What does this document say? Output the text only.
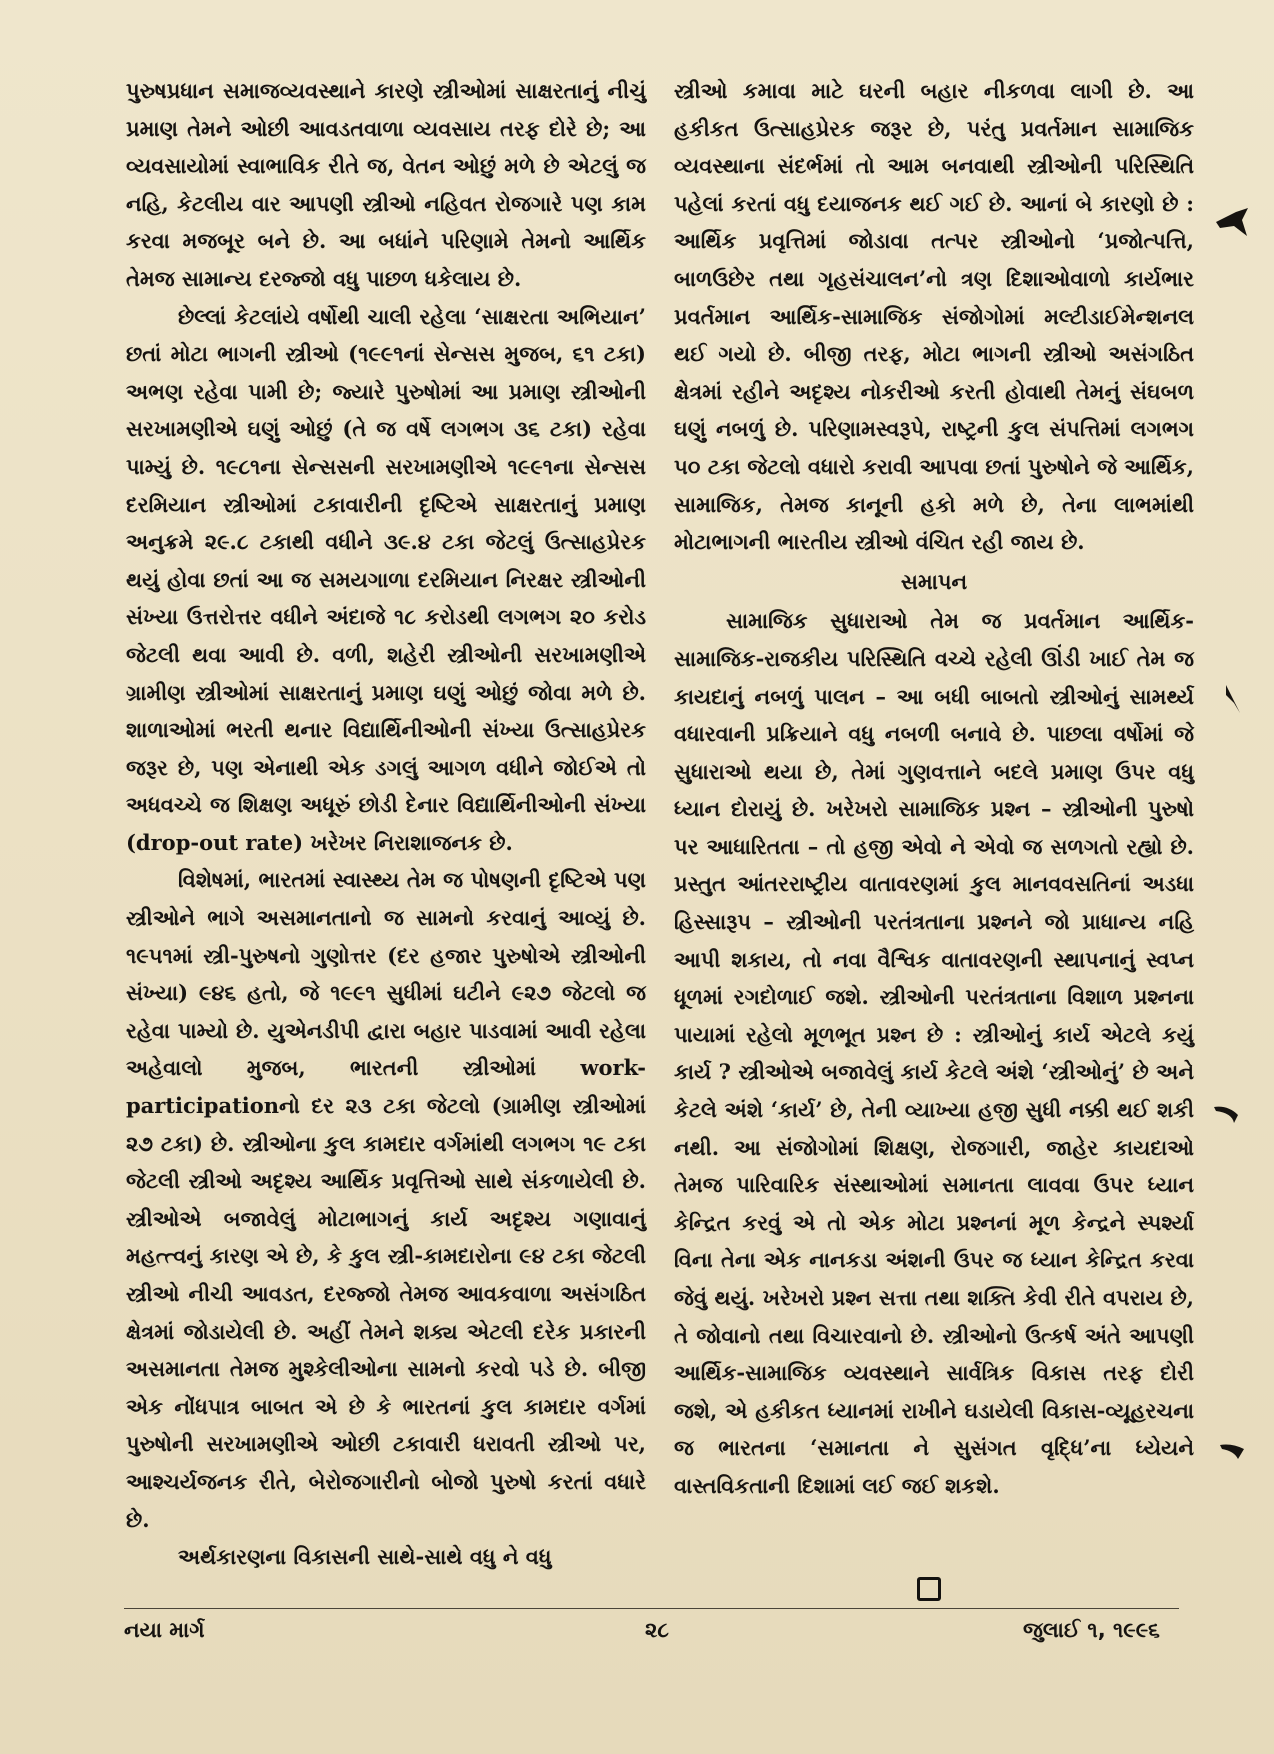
પુરુષપ્રધાન સમાજવ્યવસ્થાને કારણે સ્ત્રીઓમાં સાક્ષરતાનું નીચું પ્રમાણ તેમને ઓછી આવડતવાળા વ્યવસાય તરફ દોરે છે; આ વ્યવસાયોમાં સ્વાભાવિક રીતે જ, વેતન ઓછું મળે છે એટલું જ નહિ, કેટલીય વાર આપણી સ્ત્રીઓ નહિવત રોજગારે પણ કામ કરવા મજબૂર બને છે. આ બધાંને પરિણામે તેમનો આર્થિક તેમજ સામાન્ય દરજ્જો વધુ પાછળ ધકેલાય છે.

છેલ્લાં કેટલાંયે વર્ષોથી ચાલી રહેલા ‘સાક્ષરતા અભિયાન’ છતાં મોટા ભાગની સ્ત્રીઓ (૧૯૯૧નાં સેન્સસ મુજબ, ૬૧ ટકા) અભણ રહેવા પામી છે; જ્યારે પુરુષોમાં આ પ્રમાણ સ્ત્રીઓની સરખામણીએ ઘણું ઓછું (તે જ વર્ષે લગભગ ૩૬ ટકા) રહેવા પામ્યું છે. ૧૯૮૧ના સેન્સસની સરખામણીએ ૧૯૯૧ના સેન્સસ દરમિયાન સ્ત્રીઓમાં ટકાવારીની દૃષ્ટિએ સાક્ષરતાનું પ્રમાણ અનુક્રમે ૨૯.૮ ટકાથી વધીને ૩૯.૪ ટકા જેટલું ઉત્સાહપ્રેરક થયું હોવા છતાં આ જ સમયગાળા દરમિયાન નિરક્ષર સ્ત્રીઓની સંખ્યા ઉત્તરોત્તર વધીને અંદાજે ૧૮ કરોડથી લગભગ ૨૦ કરોડ જેટલી થવા આવી છે. વળી, શહેરી સ્ત્રીઓની સરખામણીએ ગ્રામીણ સ્ત્રીઓમાં સાક્ષરતાનું પ્રમાણ ઘણું ઓછું જોવા મળે છે. શાળાઓમાં ભરતી થનાર વિદ્યાર્થિનીઓની સંખ્યા ઉત્સાહપ્રેરક જરૂર છે, પણ એનાથી એક ડગલું આગળ વધીને જોઈએ તો અધવચ્ચે જ શિક્ષણ અધૂરું છોડી દેનાર વિદ્યાર્થિનીઓની સંખ્યા (drop-out rate) ખરેખર નિરાશાજનક છે.

વિશેષમાં, ભારતમાં સ્વાસ્થ્ય તેમ જ પોષણની દૃષ્ટિએ પણ સ્ત્રીઓને ભાગે અસમાનતાનો જ સામનો કરવાનું આવ્યું છે. ૧૯૫૧માં સ્ત્રી-પુરુષનો ગુણોત્તર (દર હજાર પુરુષોએ સ્ત્રીઓની સંખ્યા) ૯૪૬ હતો, જે ૧૯૯૧ સુધીમાં ઘટીને ૯૨૭ જેટલો જ રહેવા પામ્યો છે. યુએનડીપી દ્વારા બહાર પાડવામાં આવી રહેલા અહેવાલો મુજબ, ભારતની સ્ત્રીઓમાં work-participationનો દર ૨૩ ટકા જેટલો (ગ્રામીણ સ્ત્રીઓમાં ૨૭ ટકા) છે. સ્ત્રીઓના કુલ કામદાર વર્ગમાંથી લગભગ ૧૯ ટકા જેટલી સ્ત્રીઓ અદૃશ્ય આર્થિક પ્રવૃત્તિઓ સાથે સંકળાયેલી છે. સ્ત્રીઓએ બજાવેલું મોટાભાગનું કાર્ય અદૃશ્ય ગણાવાનું મહત્ત્વનું કારણ એ છે, કે કુલ સ્ત્રી-કામદારોના ૯૪ ટકા જેટલી સ્ત્રીઓ નીચી આવડત, દરજ્જો તેમજ આવકવાળા અસંગઠિત ક્ષેત્રમાં જોડાયેલી છે. અહીં તેમને શક્ય એટલી દરેક પ્રકારની અસમાનતા તેમજ મુશ્કેલીઓના સામનો કરવો પડે છે. બીજી એક નોંધપાત્ર બાબત એ છે કે ભારતનાં કુલ કામદાર વર્ગમાં પુરુષોની સરખામણીએ ઓછી ટકાવારી ધરાવતી સ્ત્રીઓ પર, આશ્ચર્યજનક રીતે, બેરોજગારીનો બોજો પુરુષો કરતાં વધારે છે.

અર્થકારણના વિકાસની સાથે-સાથે વધુ ને વધુ

સ્ત્રીઓ કમાવા માટે ઘરની બહાર નીકળવા લાગી છે. આ હકીકત ઉત્સાહપ્રેરક જરૂર છે, પરંતુ પ્રવર્તમાન સામાજિક વ્યવસ્થાના સંદર્ભમાં તો આમ બનવાથી સ્ત્રીઓની પરિસ્થિતિ પહેલાં કરતાં વધુ દયાજનક થઈ ગઈ છે. આનાં બે કારણો છે : આર્થિક પ્રવૃત્તિમાં જોડાવા તત્પર સ્ત્રીઓનો ‘પ્રજોત્પત્તિ, બાળઉછેર તથા ગૃહસંચાલન’નો ત્રણ દિશાઓવાળો કાર્યભાર પ્રવર્તમાન આર્થિક-સામાજિક સંજોગોમાં મલ્ટીડાઈમેન્શનલ થઈ ગયો છે. બીજી તરફ, મોટા ભાગની સ્ત્રીઓ અસંગઠિત ક્ષેત્રમાં રહીને અદૃશ્ય નોકરીઓ કરતી હોવાથી તેમનું સંઘબળ ઘણું નબળું છે. પરિણામસ્વરૂપે, રાષ્ટ્રની કુલ સંપત્તિમાં લગભગ ૫૦ ટકા જેટલો વધારો કરાવી આપવા છતાં પુરુષોને જે આર્થિક, સામાજિક, તેમજ કાનૂની હકો મળે છે, તેના લાભમાંથી મોટાભાગની ભારતીય સ્ત્રીઓ વંચિત રહી જાય છે.

સમાપન

સામાજિક સુધારાઓ તેમ જ પ્રવર્તમાન આર્થિક-સામાજિક-રાજકીય પરિસ્થિતિ વચ્ચે રહેલી ઊંડી ખાઈ તેમ જ કાયદાનું નબળું પાલન – આ બધી બાબતો સ્ત્રીઓનું સામર્થ્ય વધારવાની પ્રક્રિયાને વધુ નબળી બનાવે છે. પાછલા વર્ષોમાં જે સુધારાઓ થયા છે, તેમાં ગુણવત્તાને બદલે પ્રમાણ ઉપર વધુ ધ્યાન દોરાયું છે. ખરેખરો સામાજિક પ્રશ્ન – સ્ત્રીઓની પુરુષો પર આધારિતતા – તો હજી એવો ને એવો જ સળગતો રહ્યો છે. પ્રસ્તુત આંતરરાષ્ટ્રીય વાતાવરણમાં કુલ માનવવસતિનાં અડધા હિસ્સારૂપ – સ્ત્રીઓની પરતંત્રતાના પ્રશ્નને જો પ્રાધાન્ય નહિ આપી શકાય, તો નવા વૈશ્વિક વાતાવરણની સ્થાપનાનું સ્વપ્ન ધૂળમાં રગદોળાઈ જશે. સ્ત્રીઓની પરતંત્રતાના વિશાળ પ્રશ્નના પાયામાં રહેલો મૂળભૂત પ્રશ્ન છે : સ્ત્રીઓનું કાર્ય એટલે કયું કાર્ય ? સ્ત્રીઓએ બજાવેલું કાર્ય કેટલે અંશે ‘સ્ત્રીઓનું’ છે અને કેટલે અંશે ‘કાર્ય’ છે, તેની વ્યાખ્યા હજી સુધી નક્કી થઈ શકી નથી. આ સંજોગોમાં શિક્ષણ, રોજગારી, જાહેર કાયદાઓ તેમજ પારિવારિક સંસ્થાઓમાં સમાનતા લાવવા ઉપર ધ્યાન કેન્દ્રિત કરવું એ તો એક મોટા પ્રશ્નનાં મૂળ કેન્દ્રને સ્પર્શ્યા વિના તેના એક નાનકડા અંશની ઉપર જ ધ્યાન કેન્દ્રિત કરવા જેવું થયું. ખરેખરો પ્રશ્ન સત્તા તથા શક્તિ કેવી રીતે વપરાય છે, તે જોવાનો તથા વિચારવાનો છે. સ્ત્રીઓનો ઉત્કર્ષ અંતે આપણી આર્થિક-સામાજિક વ્યવસ્થાને સાર્વત્રિક વિકાસ તરફ દોરી જશે, એ હકીકત ધ્યાનમાં રાખીને ઘડાયેલી વિકાસ-વ્યૂહરચના જ ભારતના ‘સમાનતા ને સુસંગત વૃદ્ધિ’ના ધ્યેયને વાસ્તવિકતાની દિશામાં લઈ જઈ શકશે.

નયા માર્ગ	૨૮	જુલાઈ ૧, ૧૯૯૬
